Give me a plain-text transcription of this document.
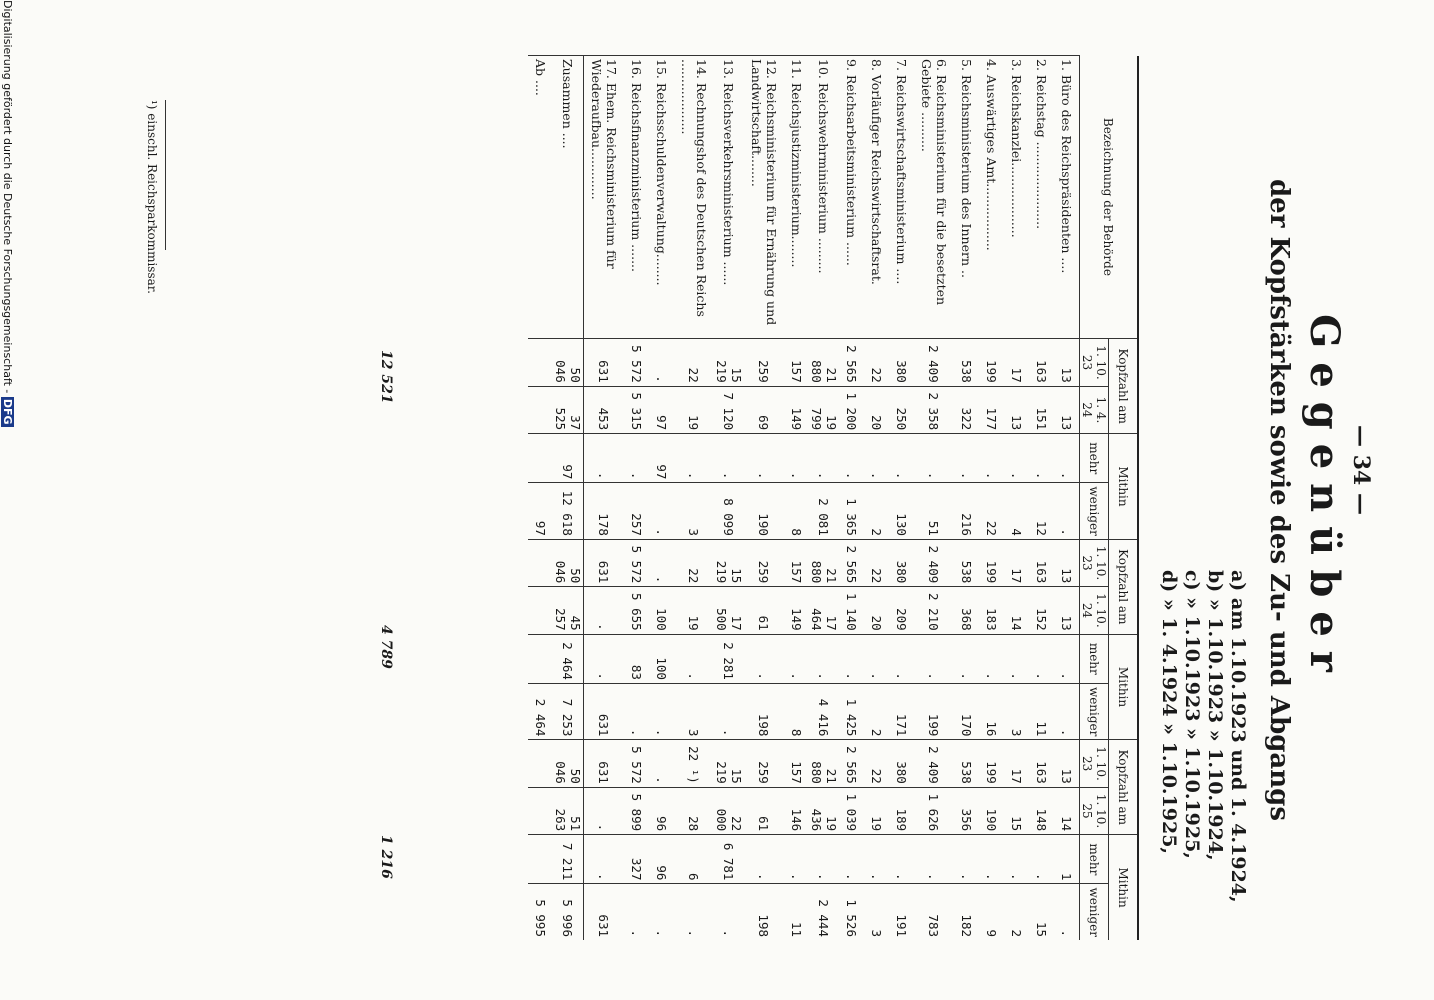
— 34 —
Gegenüber
der Kopfstärken sowie des Zu- und Abgangs
a) am 1.10.1923 und 1. 4.1924,
b) » 1.10.1923 » 1.10.1924,
c) » 1.10.1923 » 1.10.1925,
d) » 1. 4.1924 » 1.10.1925,
Bezeichnung der Behörde	Kopfzahl am		Mithin		Kopfzahl am		Mithin		Kopfzahl am		Mithin	
	1. 10. 23	1. 4. 24	mehr	weniger	1. 10. 23	1. 10. 24	mehr	weniger	1. 10. 23	1. 10. 25	mehr	weniger
1. Büro des Reichspräsidenten ....	13	13	.	.	13	13	.	.	13	14	1	.
2. Reichstag ......................	163	151	.	12	163	152	.	11	163	148	.	15
3. Reichskanzlei...................	17	13	.	4	17	14	.	3	17	15	.	2
4. Auswärtiges Amt.................	199	177	.	22	199	183	.	16	199	190	.	9
5. Reichsministerium des Innern ..	538	322	.	216	538	368	.	170	538	356	.	182
6. Reichsministerium für die besetzten Gebiete ..........	2 409	2 358	.	51	2 409	2 210	.	199	2 409	1 626	.	783
7. Reichswirtschaftsministerium ....	380	250	.	130	380	209	.	171	380	189	.	191
8. Vorläufiger Reichswirtschaftsrat.	22	20	.	2	22	20	.	2	22	19	.	3
9. Reichsarbeitsministerium ......	2 565	1 200	.	1 365	2 565	1 140	.	1 425	2 565	1 039	.	1 526
10. Reichswehrministerium .........	21 880	19 799	.	2 081	21 880	17 464	.	4 416	21 880	19 436	.	2 444
11. Reichsjustizministerium........	157	149	.	8	157	149	.	8	157	146	.	11
12. Reichsministerium für Ernährung und Landwirtschaft........	259	69	.	190	259	61	.	198	259	61	.	198
13. Reichsverkehrsministerium ......	15 219	7 120	.	8 099	15 219	17 500	2 281	.	15 219	22 000	6 781	.
14. Rechnungshof des Deutschen Reichs ...................	22	19	.	3	22	19	.	3	22 ¹)	28	6	.
15. Reichsschuldenverwaltung........	.	97	97	.	.	100	100	.	.	96	96	.
16. Reichsfinanzministerium .......	5 572	5 315	.	257	5 572	5 655	83	.	5 572	5 899	327	.
17. Ehem. Reichsministerium für Wiederaufbau.............	631	453	.	178	631	.	.	631	631	.	.	631
Zusammen ....	50 046	37 525	97	12 618	50 046	45 257	2 464	7 253	50 046	51 263	7 211	5 996
Ab ....				97				2 464				5 995
12 521
4 789
1 216
¹) einschl. Reichsparkommissar.
Digitalisierung gefördert durch die Deutsche Forschungsgemeinschaft - DFG
